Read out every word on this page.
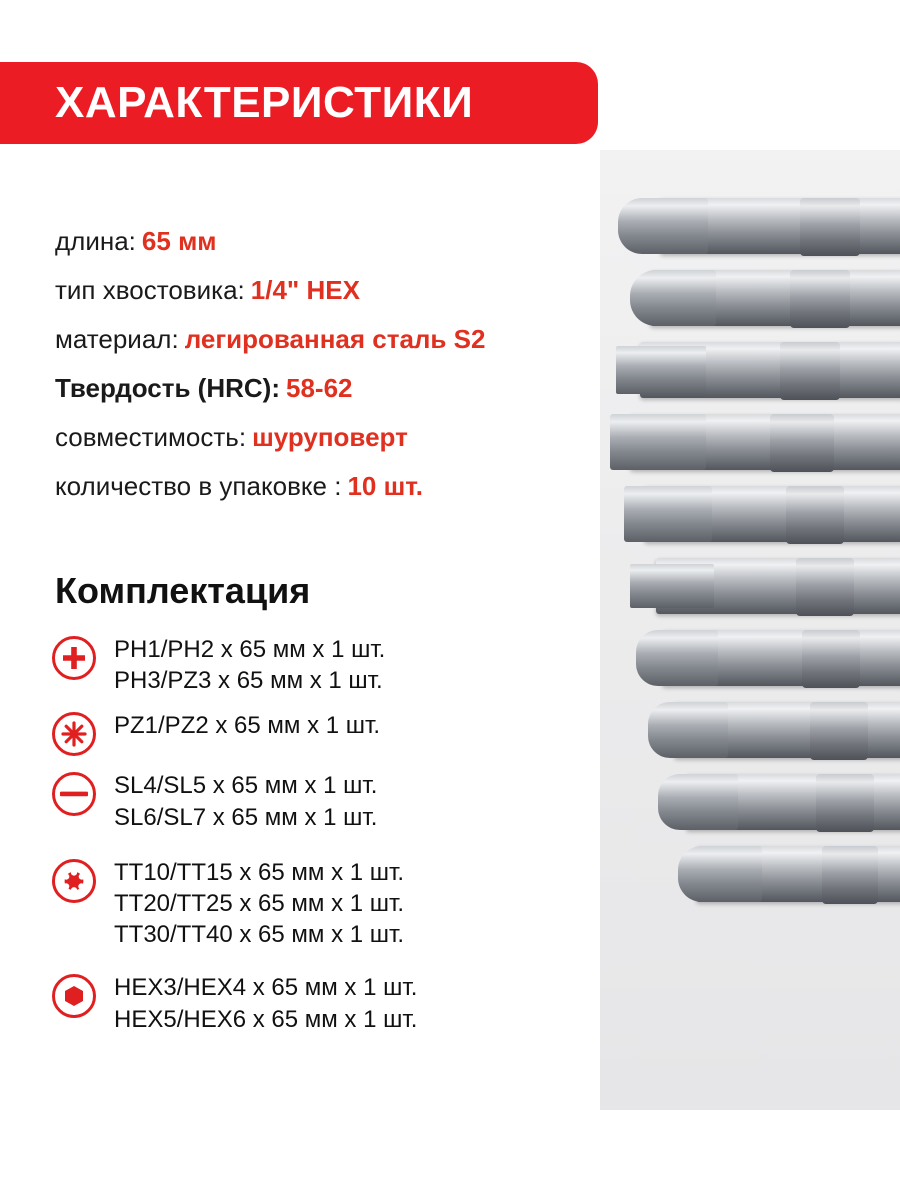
ХАРАКТЕРИСТИКИ
длина: 65 мм
тип хвостовика: 1/4" HEX
материал: легированная сталь S2
Твердость (HRC): 58-62
совместимость: шуруповерт
количество в упаковке : 10 шт.
Комплектация
PH1/PH2 x 65 мм x 1 шт.
PH3/PZ3 x 65 мм x 1 шт.
PZ1/PZ2 x 65 мм x 1 шт.
SL4/SL5 x 65 мм x 1 шт.
SL6/SL7 x 65 мм x 1 шт.
TT10/TT15 x 65 мм x 1 шт.
TT20/TT25 x 65 мм x 1 шт.
TT30/TT40 x 65 мм x 1 шт.
HEX3/HEX4 x 65 мм x 1 шт.
HEX5/HEX6 x 65 мм x 1 шт.
